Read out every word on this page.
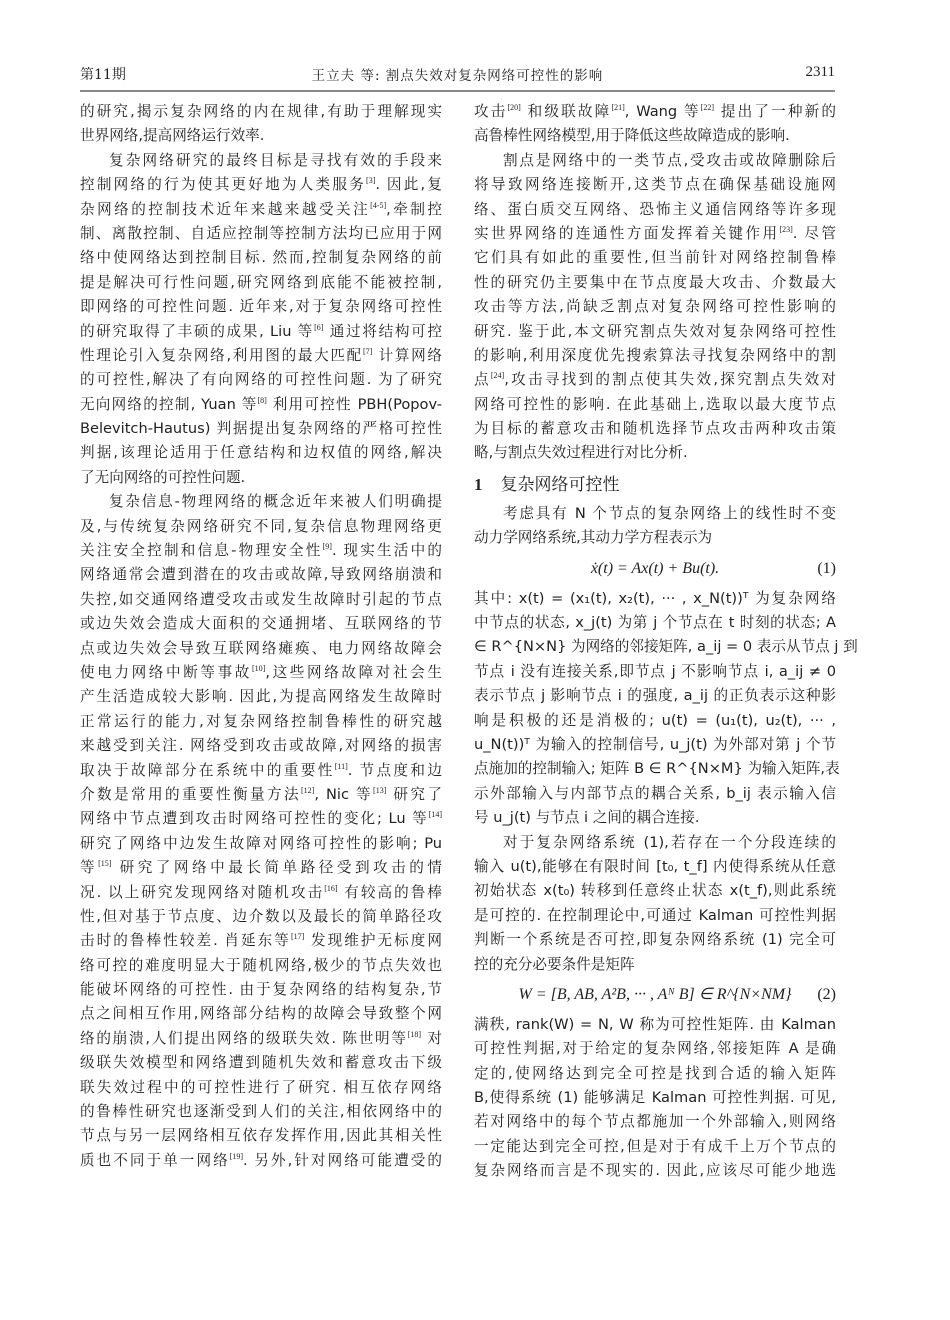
第11期	王立夫 等: 割点失效对复杂网络可控性的影响	2311
的研究,揭示复杂网络的内在规律,有助于理解现实
世界网络,提高网络运行效率.
复杂网络研究的最终目标是寻找有效的手段来
控制网络的行为使其更好地为人类服务[3]. 因此,复
杂网络的控制技术近年来越来越受关注[4-5],牵制控
制、离散控制、自适应控制等控制方法均已应用于网
络中使网络达到控制目标. 然而,控制复杂网络的前
提是解决可行性问题,研究网络到底能不能被控制,
即网络的可控性问题. 近年来,对于复杂网络可控性
的研究取得了丰硕的成果, Liu 等[6] 通过将结构可控
性理论引入复杂网络,利用图的最大匹配[7] 计算网络
的可控性,解决了有向网络的可控性问题. 为了研究
无向网络的控制, Yuan 等[8] 利用可控性 PBH(Popov-
Belevitch-Hautus) 判据提出复杂网络的严格可控性
判据,该理论适用于任意结构和边权值的网络,解决
了无向网络的可控性问题.
复杂信息-物理网络的概念近年来被人们明确提
及,与传统复杂网络研究不同,复杂信息物理网络更
关注安全控制和信息-物理安全性[9]. 现实生活中的
网络通常会遭到潜在的攻击或故障,导致网络崩溃和
失控,如交通网络遭受攻击或发生故障时引起的节点
或边失效会造成大面积的交通拥堵、互联网络的节
点或边失效会导致互联网络瘫痪、电力网络故障会
使电力网络中断等事故[10],这些网络故障对社会生
产生活造成较大影响. 因此,为提高网络发生故障时
正常运行的能力,对复杂网络控制鲁棒性的研究越
来越受到关注. 网络受到攻击或故障,对网络的损害
取决于故障部分在系统中的重要性[11]. 节点度和边
介数是常用的重要性衡量方法[12], Nic 等[13] 研究了
网络中节点遭到攻击时网络可控性的变化; Lu 等[14]
研究了网络中边发生故障对网络可控性的影响; Pu
等[15] 研究了网络中最长简单路径受到攻击的情
况. 以上研究发现网络对随机攻击[16] 有较高的鲁棒
性,但对基于节点度、边介数以及最长的简单路径攻
击时的鲁棒性较差. 肖延东等[17] 发现维护无标度网
络可控的难度明显大于随机网络,极少的节点失效也
能破坏网络的可控性. 由于复杂网络的结构复杂,节
点之间相互作用,网络部分结构的故障会导致整个网
络的崩溃,人们提出网络的级联失效. 陈世明等[18] 对
级联失效模型和网络遭到随机失效和蓄意攻击下级
联失效过程中的可控性进行了研究. 相互依存网络
的鲁棒性研究也逐渐受到人们的关注,相依网络中的
节点与另一层网络相互依存发挥作用,因此其相关性
质也不同于单一网络[19]. 另外,针对网络可能遭受的
攻击[20] 和级联故障[21], Wang 等[22] 提出了一种新的
高鲁棒性网络模型,用于降低这些故障造成的影响.
割点是网络中的一类节点,受攻击或故障删除后
将导致网络连接断开,这类节点在确保基础设施网
络、蛋白质交互网络、恐怖主义通信网络等许多现
实世界网络的连通性方面发挥着关键作用[23]. 尽管
它们具有如此的重要性,但当前针对网络控制鲁棒
性的研究仍主要集中在节点度最大攻击、介数最大
攻击等方法,尚缺乏割点对复杂网络可控性影响的
研究. 鉴于此,本文研究割点失效对复杂网络可控性
的影响,利用深度优先搜索算法寻找复杂网络中的割
点[24],攻击寻找到的割点使其失效,探究割点失效对
网络可控性的影响. 在此基础上,选取以最大度节点
为目标的蓄意攻击和随机选择节点攻击两种攻击策
略,与割点失效过程进行对比分析.
1 复杂网络可控性
考虑具有 N 个节点的复杂网络上的线性时不变
动力学网络系统,其动力学方程表示为
ẋ(t) = Ax(t) + Bu(t).	(1)
其中: x(t) = (x₁(t), x₂(t), ··· , x_N(t))ᵀ 为复杂网络
中节点的状态, x_j(t) 为第 j 个节点在 t 时刻的状态; A
∈ R^{N×N} 为网络的邻接矩阵, a_ij = 0 表示从节点 j 到
节点 i 没有连接关系,即节点 j 不影响节点 i, a_ij ≠ 0
表示节点 j 影响节点 i 的强度, a_ij 的正负表示这种影
响是积极的还是消极的; u(t) = (u₁(t), u₂(t), ··· ,
u_N(t))ᵀ 为输入的控制信号, u_j(t) 为外部对第 j 个节
点施加的控制输入; 矩阵 B ∈ R^{N×M} 为输入矩阵,表
示外部输入与内部节点的耦合关系, b_ij 表示输入信
号 u_j(t) 与节点 i 之间的耦合连接.
对于复杂网络系统 (1),若存在一个分段连续的
输入 u(t),能够在有限时间 [t₀, t_f] 内使得系统从任意
初始状态 x(t₀) 转移到任意终止状态 x(t_f),则此系统
是可控的. 在控制理论中,可通过 Kalman 可控性判据
判断一个系统是否可控,即复杂网络系统 (1) 完全可
控的充分必要条件是矩阵
W = [B, AB, A²B, ··· , Aᴺ B] ∈ R^{N×NM} (2)
满秩, rank(W) = N, W 称为可控性矩阵. 由 Kalman
可控性判据,对于给定的复杂网络,邻接矩阵 A 是确
定的,使网络达到完全可控是找到合适的输入矩阵
B,使得系统 (1) 能够满足 Kalman 可控性判据. 可见,
若对网络中的每个节点都施加一个外部输入,则网络
一定能达到完全可控,但是对于有成千上万个节点的
复杂网络而言是不现实的. 因此,应该尽可能少地选
